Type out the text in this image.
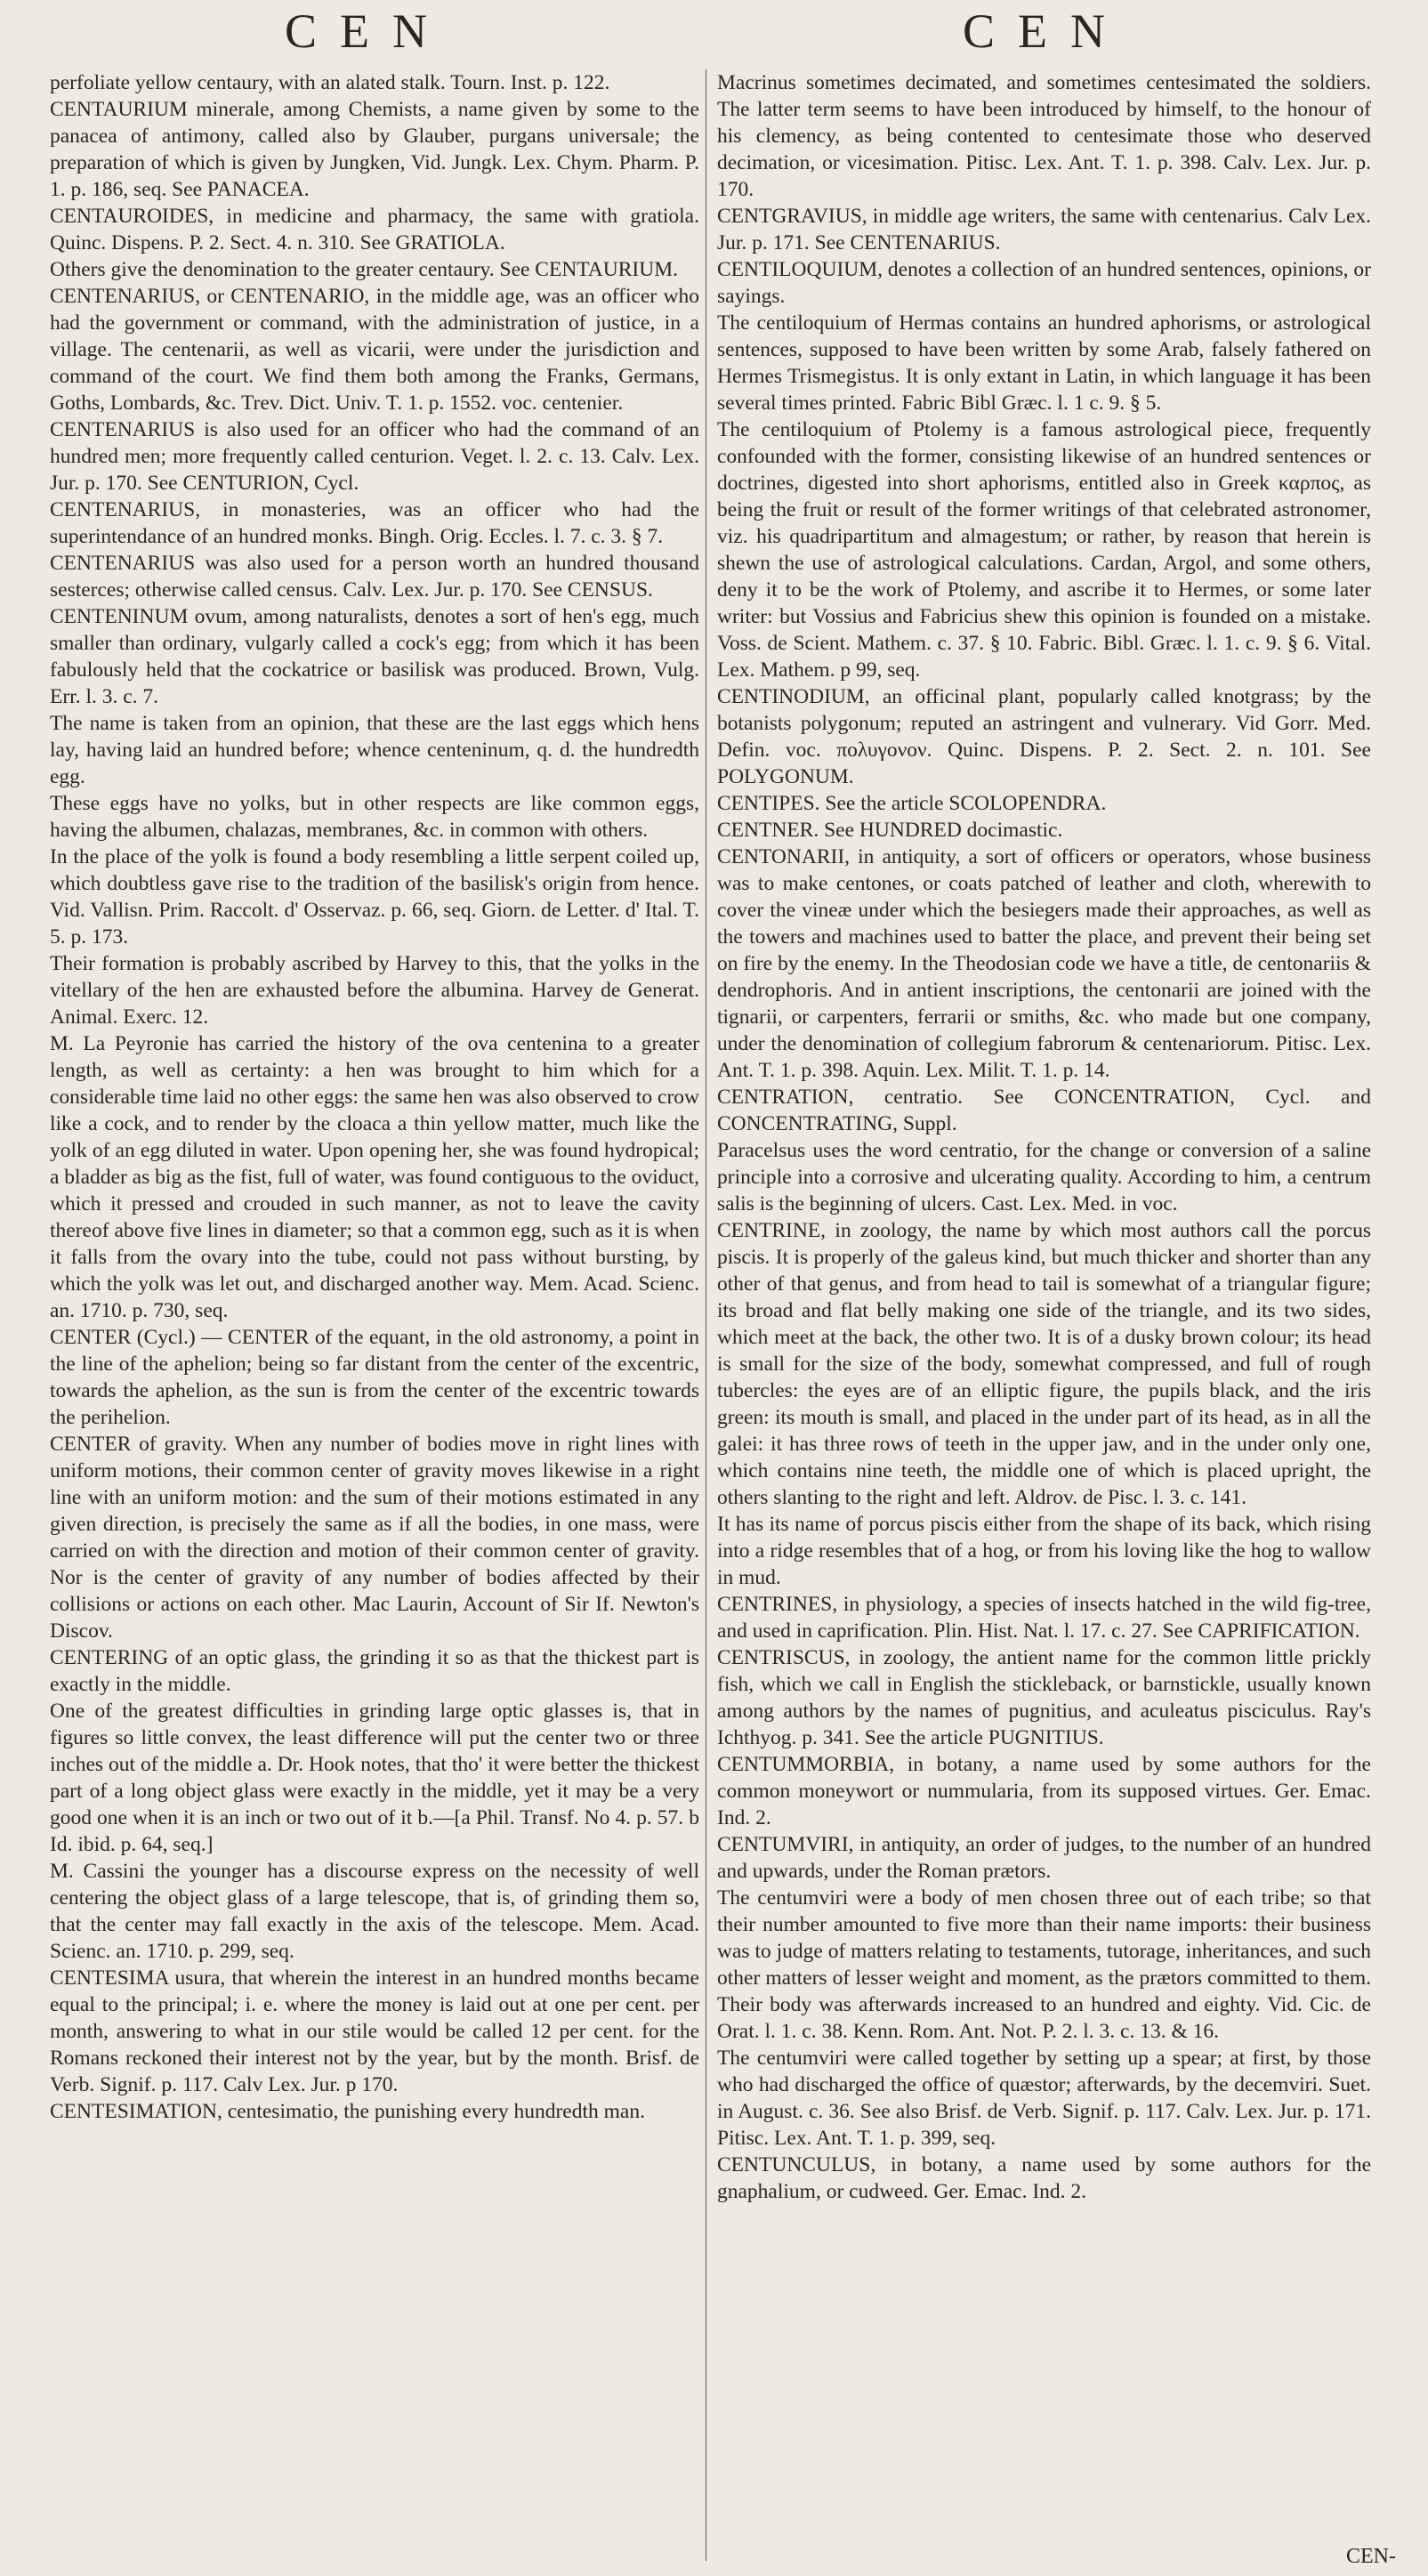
CEN	CEN

perfoliate yellow centaury, with an alated stalk. Tourn. Inst. p. 122.

CENTAURIUM minerale, among Chemists, a name given by some to the panacea of antimony, called also by Glauber, purgans universale; the preparation of which is given by Jungken, Vid. Jungk. Lex. Chym. Pharm. P. 1. p. 186, seq. See PANACEA.

CENTAUROIDES, in medicine and pharmacy, the same with gratiola. Quinc. Dispens. P. 2. Sect. 4. n. 310. See GRATIOLA.

Others give the denomination to the greater centaury. See CENTAURIUM.

CENTENARIUS, or CENTENARIO, in the middle age, was an officer who had the government or command, with the administration of justice, in a village. The centenarii, as well as vicarii, were under the jurisdiction and command of the court. We find them both among the Franks, Germans, Goths, Lombards, &c. Trev. Dict. Univ. T. 1. p. 1552. voc. centenier.

CENTENARIUS is also used for an officer who had the command of an hundred men; more frequently called centurion. Veget. l. 2. c. 13. Calv. Lex. Jur. p. 170. See CENTURION, Cycl.

CENTENARIUS, in monasteries, was an officer who had the superintendance of an hundred monks. Bingh. Orig. Eccles. l. 7. c. 3. § 7.

CENTENARIUS was also used for a person worth an hundred thousand sesterces; otherwise called census. Calv. Lex. Jur. p. 170. See CENSUS.

CENTENINUM ovum, among naturalists, denotes a sort of hen's egg, much smaller than ordinary, vulgarly called a cock's egg; from which it has been fabulously held that the cockatrice or basilisk was produced. Brown, Vulg. Err. l. 3. c. 7.

The name is taken from an opinion, that these are the last eggs which hens lay, having laid an hundred before; whence centeninum, q. d. the hundredth egg.

These eggs have no yolks, but in other respects are like common eggs, having the albumen, chalazas, membranes, &c. in common with others.

In the place of the yolk is found a body resembling a little serpent coiled up, which doubtless gave rise to the tradition of the basilisk's origin from hence. Vid. Vallisn. Prim. Raccolt. d' Osservaz. p. 66, seq. Giorn. de Letter. d' Ital. T. 5. p. 173.

Their formation is probably ascribed by Harvey to this, that the yolks in the vitellary of the hen are exhausted before the albumina. Harvey de Generat. Animal. Exerc. 12.

M. La Peyronie has carried the history of the ova centenina to a greater length, as well as certainty: a hen was brought to him which for a considerable time laid no other eggs: the same hen was also observed to crow like a cock, and to render by the cloaca a thin yellow matter, much like the yolk of an egg diluted in water. Upon opening her, she was found hydropical; a bladder as big as the fist, full of water, was found contiguous to the oviduct, which it pressed and crouded in such manner, as not to leave the cavity thereof above five lines in diameter; so that a common egg, such as it is when it falls from the ovary into the tube, could not pass without bursting, by which the yolk was let out, and discharged another way. Mem. Acad. Scienc. an. 1710. p. 730, seq.

CENTER (Cycl.) — CENTER of the equant, in the old astronomy, a point in the line of the aphelion; being so far distant from the center of the excentric, towards the aphelion, as the sun is from the center of the excentric towards the perihelion.

CENTER of gravity. When any number of bodies move in right lines with uniform motions, their common center of gravity moves likewise in a right line with an uniform motion: and the sum of their motions estimated in any given direction, is precisely the same as if all the bodies, in one mass, were carried on with the direction and motion of their common center of gravity. Nor is the center of gravity of any number of bodies affected by their collisions or actions on each other. Mac Laurin, Account of Sir If. Newton's Discov.

CENTERING of an optic glass, the grinding it so as that the thickest part is exactly in the middle.

One of the greatest difficulties in grinding large optic glasses is, that in figures so little convex, the least difference will put the center two or three inches out of the middle a. Dr. Hook notes, that tho' it were better the thickest part of a long object glass were exactly in the middle, yet it may be a very good one when it is an inch or two out of it b.—[a Phil. Transf. No 4. p. 57. b Id. ibid. p. 64, seq.]

M. Cassini the younger has a discourse express on the necessity of well centering the object glass of a large telescope, that is, of grinding them so, that the center may fall exactly in the axis of the telescope. Mem. Acad. Scienc. an. 1710. p. 299, seq.

CENTESIMA usura, that wherein the interest in an hundred months became equal to the principal; i. e. where the money is laid out at one per cent. per month, answering to what in our stile would be called 12 per cent. for the Romans reckoned their interest not by the year, but by the month. Brisf. de Verb. Signif. p. 117. Calv Lex. Jur. p 170.

CENTESIMATION, centesimatio, the punishing every hundredth man.

Macrinus sometimes decimated, and sometimes centesimated the soldiers. The latter term seems to have been introduced by himself, to the honour of his clemency, as being contented to centesimate those who deserved decimation, or vicesimation. Pitisc. Lex. Ant. T. 1. p. 398. Calv. Lex. Jur. p. 170.

CENTGRAVIUS, in middle age writers, the same with centenarius. Calv Lex. Jur. p. 171. See CENTENARIUS.

CENTILOQUIUM, denotes a collection of an hundred sentences, opinions, or sayings.

The centiloquium of Hermas contains an hundred aphorisms, or astrological sentences, supposed to have been written by some Arab, falsely fathered on Hermes Trismegistus. It is only extant in Latin, in which language it has been several times printed. Fabric Bibl Græc. l. 1 c. 9. § 5.

The centiloquium of Ptolemy is a famous astrological piece, frequently confounded with the former, consisting likewise of an hundred sentences or doctrines, digested into short aphorisms, entitled also in Greek καρπος, as being the fruit or result of the former writings of that celebrated astronomer, viz. his quadripartitum and almagestum; or rather, by reason that herein is shewn the use of astrological calculations. Cardan, Argol, and some others, deny it to be the work of Ptolemy, and ascribe it to Hermes, or some later writer: but Vossius and Fabricius shew this opinion is founded on a mistake. Voss. de Scient. Mathem. c. 37. § 10. Fabric. Bibl. Græc. l. 1. c. 9. § 6. Vital. Lex. Mathem. p 99, seq.

CENTINODIUM, an officinal plant, popularly called knotgrass; by the botanists polygonum; reputed an astringent and vulnerary. Vid Gorr. Med. Defin. voc. πολυγονον. Quinc. Dispens. P. 2. Sect. 2. n. 101. See POLYGONUM.

CENTIPES. See the article SCOLOPENDRA.

CENTNER. See HUNDRED docimastic.

CENTONARII, in antiquity, a sort of officers or operators, whose business was to make centones, or coats patched of leather and cloth, wherewith to cover the vineæ under which the besiegers made their approaches, as well as the towers and machines used to batter the place, and prevent their being set on fire by the enemy. In the Theodosian code we have a title, de centonariis & dendrophoris. And in antient inscriptions, the centonarii are joined with the tignarii, or carpenters, ferrarii or smiths, &c. who made but one company, under the denomination of collegium fabrorum & centenariorum. Pitisc. Lex. Ant. T. 1. p. 398. Aquin. Lex. Milit. T. 1. p. 14.

CENTRATION, centratio. See CONCENTRATION, Cycl. and CONCENTRATING, Suppl.

Paracelsus uses the word centratio, for the change or conversion of a saline principle into a corrosive and ulcerating quality. According to him, a centrum salis is the beginning of ulcers. Cast. Lex. Med. in voc.

CENTRINE, in zoology, the name by which most authors call the porcus piscis. It is properly of the galeus kind, but much thicker and shorter than any other of that genus, and from head to tail is somewhat of a triangular figure; its broad and flat belly making one side of the triangle, and its two sides, which meet at the back, the other two. It is of a dusky brown colour; its head is small for the size of the body, somewhat compressed, and full of rough tubercles: the eyes are of an elliptic figure, the pupils black, and the iris green: its mouth is small, and placed in the under part of its head, as in all the galei: it has three rows of teeth in the upper jaw, and in the under only one, which contains nine teeth, the middle one of which is placed upright, the others slanting to the right and left. Aldrov. de Pisc. l. 3. c. 141.

It has its name of porcus piscis either from the shape of its back, which rising into a ridge resembles that of a hog, or from his loving like the hog to wallow in mud.

CENTRINES, in physiology, a species of insects hatched in the wild fig-tree, and used in caprification. Plin. Hist. Nat. l. 17. c. 27. See CAPRIFICATION.

CENTRISCUS, in zoology, the antient name for the common little prickly fish, which we call in English the stickleback, or barnstickle, usually known among authors by the names of pugnitius, and aculeatus pisciculus. Ray's Ichthyog. p. 341. See the article PUGNITIUS.

CENTUMMORBIA, in botany, a name used by some authors for the common moneywort or nummularia, from its supposed virtues. Ger. Emac. Ind. 2.

CENTUMVIRI, in antiquity, an order of judges, to the number of an hundred and upwards, under the Roman prætors.

The centumviri were a body of men chosen three out of each tribe; so that their number amounted to five more than their name imports: their business was to judge of matters relating to testaments, tutorage, inheritances, and such other matters of lesser weight and moment, as the prætors committed to them. Their body was afterwards increased to an hundred and eighty. Vid. Cic. de Orat. l. 1. c. 38. Kenn. Rom. Ant. Not. P. 2. l. 3. c. 13. & 16.

The centumviri were called together by setting up a spear; at first, by those who had discharged the office of quæstor; afterwards, by the decemviri. Suet. in August. c. 36. See also Brisf. de Verb. Signif. p. 117. Calv. Lex. Jur. p. 171. Pitisc. Lex. Ant. T. 1. p. 399, seq.

CENTUNCULUS, in botany, a name used by some authors for the gnaphalium, or cudweed. Ger. Emac. Ind. 2.

CEN-
